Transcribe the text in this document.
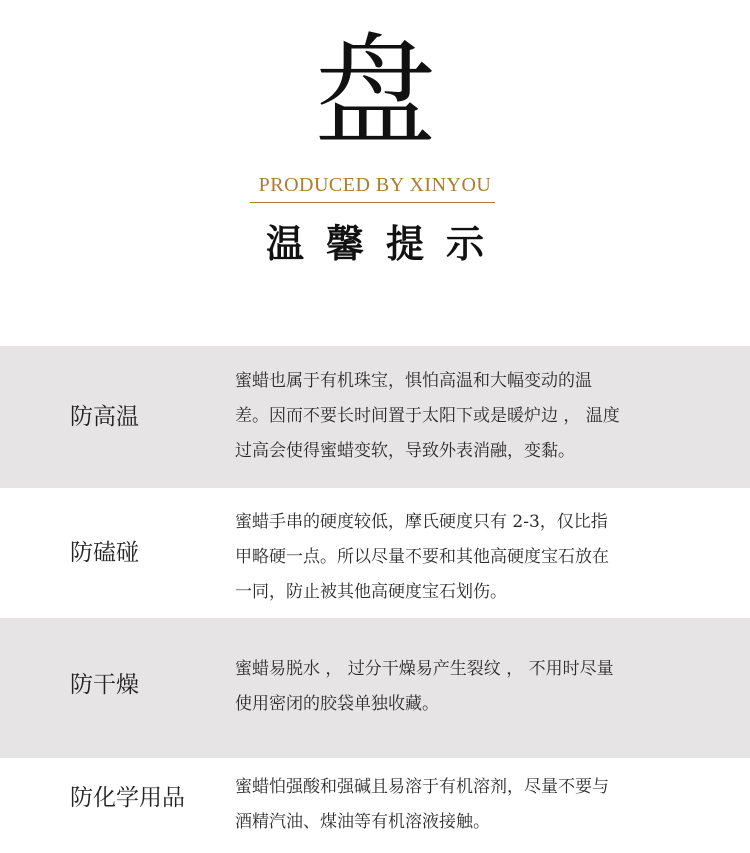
盘
PRODUCED BY XINYOU
温馨提示
防高温
蜜蜡也属于有机珠宝，惧怕高温和大幅变动的温
差。因而不要长时间置于太阳下或是暖炉边 ， 温度
过高会使得蜜蜡变软，导致外表消融，变黏。
防磕碰
蜜蜡手串的硬度较低，摩氏硬度只有 2-3，仅比指
甲略硬一点。所以尽量不要和其他高硬度宝石放在
一同，防止被其他高硬度宝石划伤。
防干燥
蜜蜡易脱水 ， 过分干燥易产生裂纹 ， 不用时尽量
使用密闭的胶袋单独收藏。
防化学用品	蜜蜡怕强酸和强碱且易溶于有机溶剂，尽量不要与
酒精汽油、煤油等有机溶液接触。
